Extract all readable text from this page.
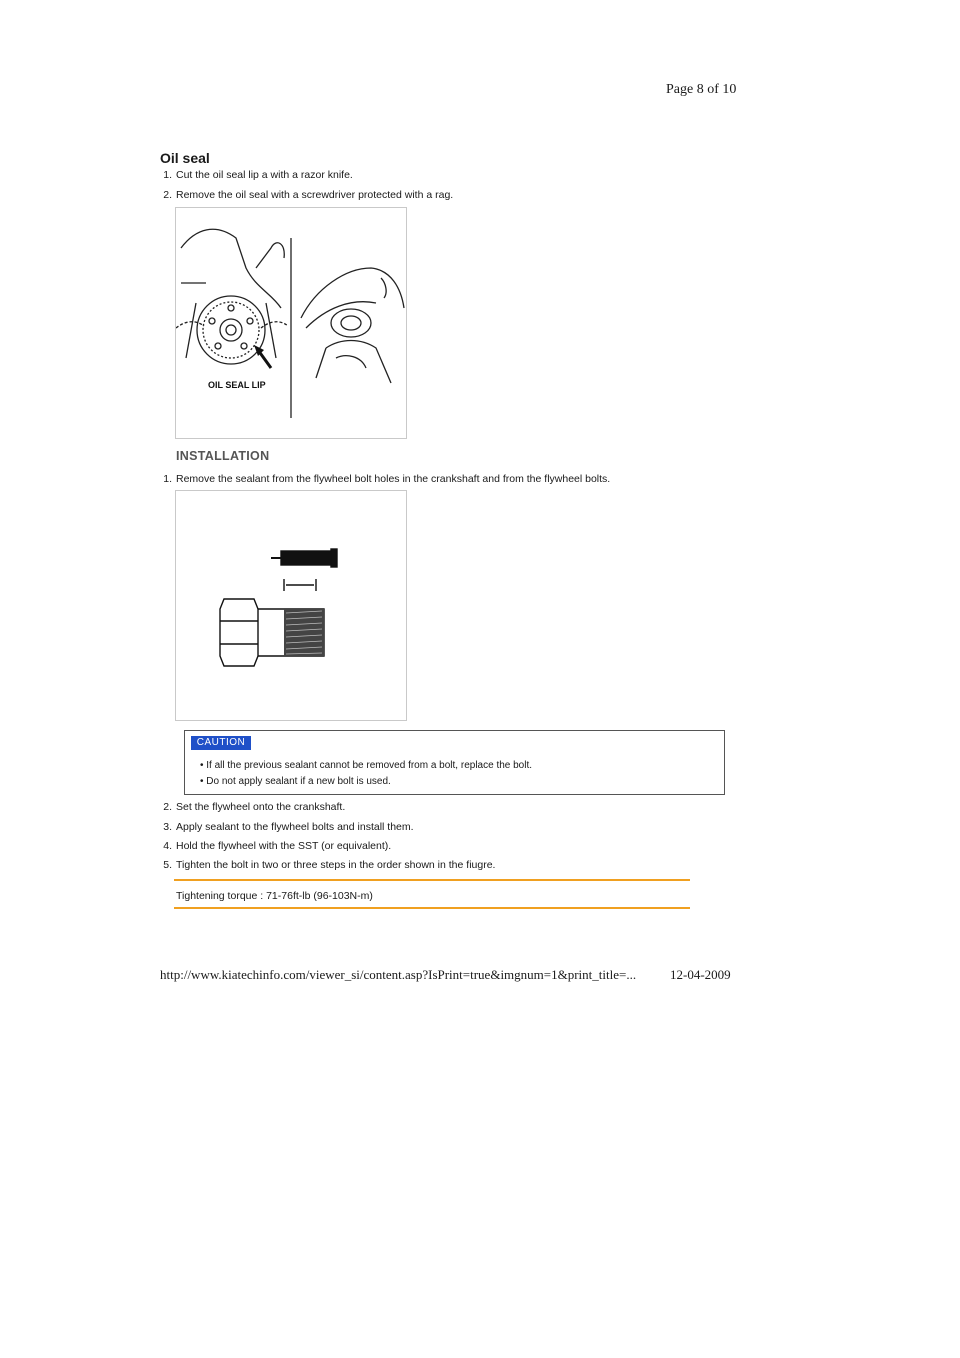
Page 8 of 10
Oil seal
1. Cut the oil seal lip a with a razor knife.
2. Remove the oil seal with a screwdriver protected with a rag.
OIL SEAL LIP
INSTALLATION
1. Remove the sealant from the flywheel bolt holes in the crankshaft and from the flywheel bolts.
CAUTION
• If all the previous sealant cannot be removed from a bolt, replace the bolt.
• Do not apply sealant if a new bolt is used.
2. Set the flywheel onto the crankshaft.
3. Apply sealant to the flywheel bolts and install them.
4. Hold the flywheel with the SST (or equivalent).
5. Tighten the bolt in two or three steps in the order shown in the fiugre.
Tightening torque : 71-76ft-lb (96-103N-m)
http://www.kiatechinfo.com/viewer_si/content.asp?IsPrint=true&imgnum=1&print_title=...	12-04-2009
